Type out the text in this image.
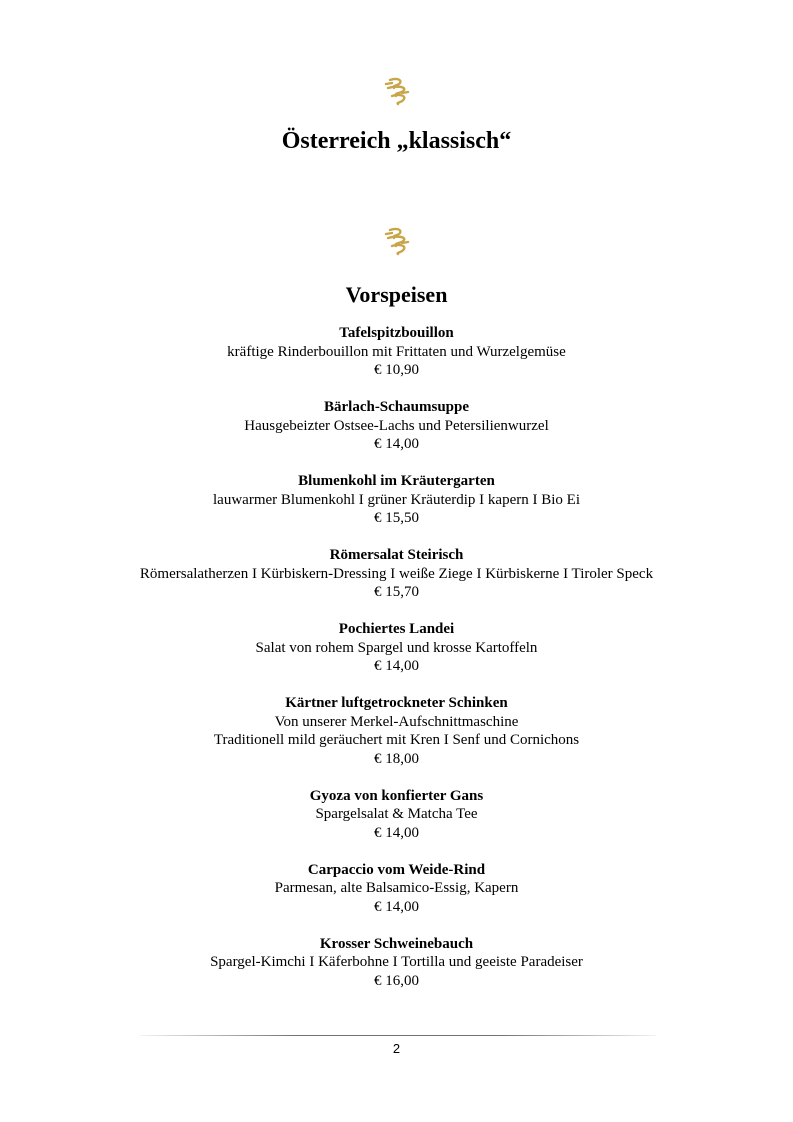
Österreich „klassisch“
Vorspeisen
Tafelspitzbouillon
kräftige Rinderbouillon mit Frittaten und Wurzelgemüse
€ 10,90
Bärlach-Schaumsuppe
Hausgebeizter Ostsee-Lachs und Petersilienwurzel
€ 14,00
Blumenkohl im Kräutergarten
lauwarmer Blumenkohl I grüner Kräuterdip I kapern I Bio Ei
€ 15,50
Römersalat Steirisch
Römersalatherzen I Kürbiskern-Dressing I weiße Ziege I Kürbiskerne I Tiroler Speck
€ 15,70
Pochiertes Landei
Salat von rohem Spargel und krosse Kartoffeln
€ 14,00
Kärtner luftgetrockneter Schinken
Von unserer Merkel-Aufschnittmaschine
Traditionell mild geräuchert mit Kren I Senf und Cornichons
€ 18,00
Gyoza von konfierter Gans
Spargelsalat & Matcha Tee
€ 14,00
Carpaccio vom Weide-Rind
Parmesan, alte Balsamico-Essig, Kapern
€ 14,00
Krosser Schweinebauch
Spargel-Kimchi I Käferbohne I Tortilla und geeiste Paradeiser
€ 16,00
2
